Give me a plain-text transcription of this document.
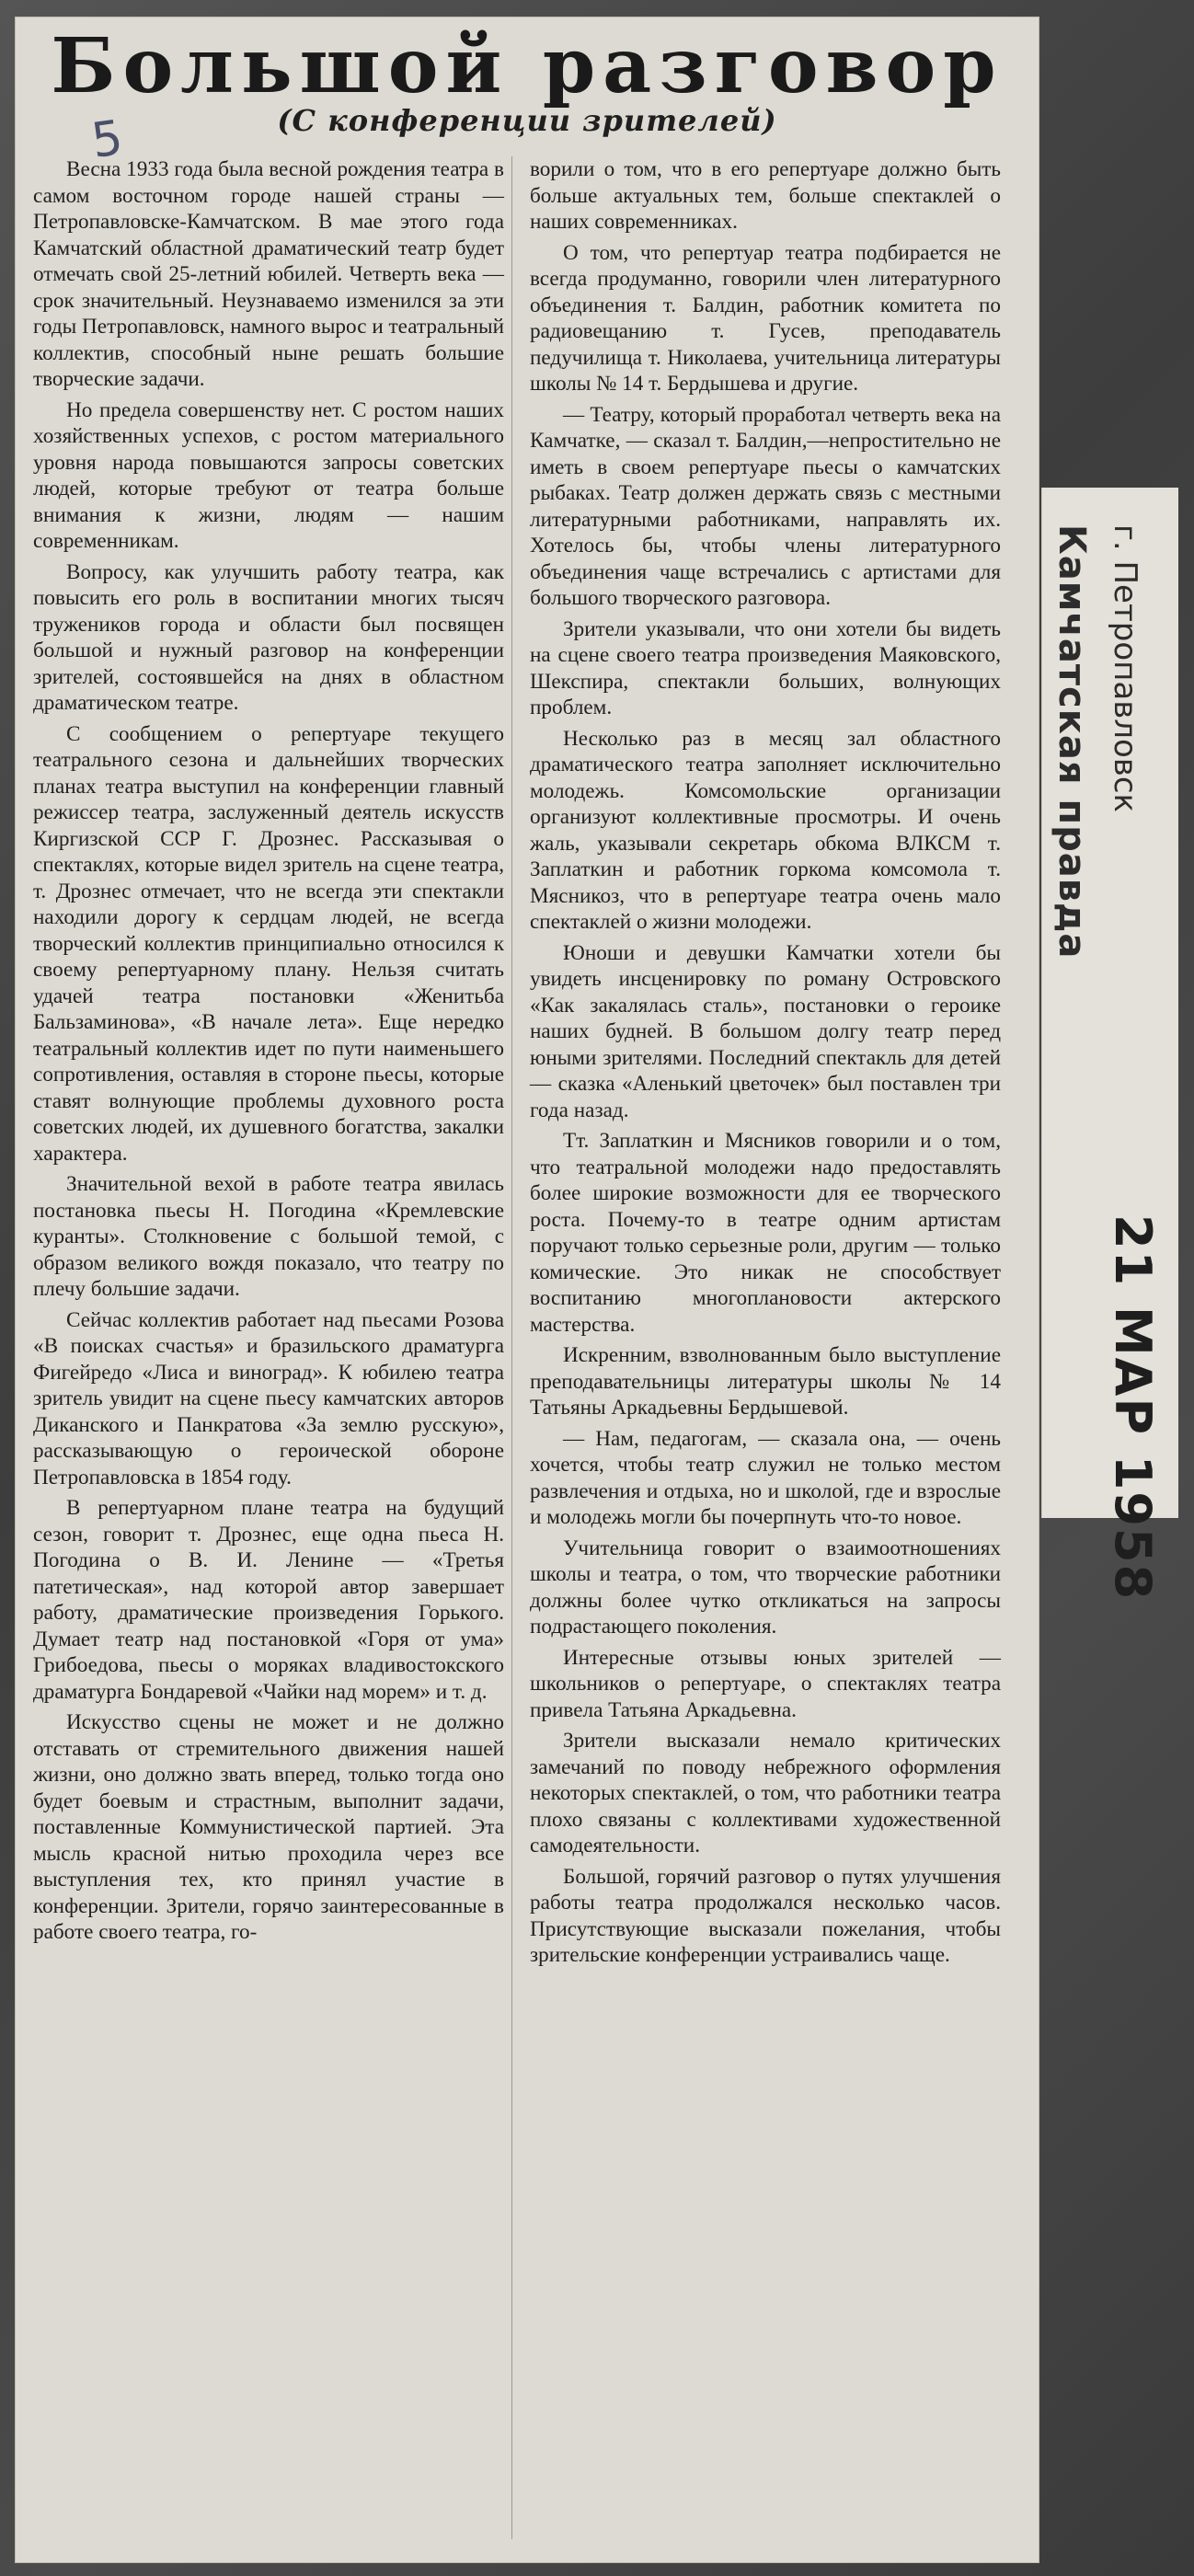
Большой разговор
(С конференции зрителей)
5

Весна 1933 года была весной рождения театра в самом восточном городе нашей страны — Петропавловске-Камчатском. В мае этого года Камчатский областной драматический театр будет отмечать свой 25-летний юбилей. Четверть века — срок значительный. Неузнаваемо изменился за эти годы Петропавловск, намного вырос и театральный коллектив, способный ныне решать большие творческие задачи.

Но предела совершенству нет. С ростом наших хозяйственных успехов, с ростом материального уровня народа повышаются запросы советских людей, которые требуют от театра больше внимания к жизни, людям — нашим современникам.

Вопросу, как улучшить работу театра, как повысить его роль в воспитании многих тысяч тружеников города и области был посвящен большой и нужный разговор на конференции зрителей, состоявшейся на днях в областном драматическом театре.

С сообщением о репертуаре текущего театрального сезона и дальнейших творческих планах театра выступил на конференции главный режиссер театра, заслуженный деятель искусств Киргизской ССР Г. Дрознес. Рассказывая о спектаклях, которые видел зритель на сцене театра, т. Дрознес отмечает, что не всегда эти спектакли находили дорогу к сердцам людей, не всегда творческий коллектив принципиально относился к своему репертуарному плану. Нельзя считать удачей театра постановки «Женитьба Бальзаминова», «В начале лета». Еще нередко театральный коллектив идет по пути наименьшего сопротивления, оставляя в стороне пьесы, которые ставят волнующие проблемы духовного роста советских людей, их душевного богатства, закалки характера.

Значительной вехой в работе театра явилась постановка пьесы Н. Погодина «Кремлевские куранты». Столкновение с большой темой, с образом великого вождя показало, что театру по плечу большие задачи.

Сейчас коллектив работает над пьесами Розова «В поисках счастья» и бразильского драматурга Фигейредо «Лиса и виноград». К юбилею театра зритель увидит на сцене пьесу камчатских авторов Диканского и Панкратова «За землю русскую», рассказывающую о героической обороне Петропавловска в 1854 году.

В репертуарном плане театра на будущий сезон, говорит т. Дрознес, еще одна пьеса Н. Погодина о В. И. Ленине — «Третья патетическая», над которой автор завершает работу, драматические произведения Горького. Думает театр над постановкой «Горя от ума» Грибоедова, пьесы о моряках владивостокского драматурга Бондаревой «Чайки над морем» и т. д.

Искусство сцены не может и не должно отставать от стремительного движения нашей жизни, оно должно звать вперед, только тогда оно будет боевым и страстным, выполнит задачи, поставленные Коммунистической партией. Эта мысль красной нитью проходила через все выступления тех, кто принял участие в конференции. Зрители, горячо заинтересованные в работе своего театра, го-

ворили о том, что в его репертуаре должно быть больше актуальных тем, больше спектаклей о наших современниках.

О том, что репертуар театра подбирается не всегда продуманно, говорили член литературного объединения т. Балдин, работник комитета по радиовещанию т. Гусев, преподаватель педучилища т. Николаева, учительница литературы школы № 14 т. Бердышева и другие.

— Театру, который проработал четверть века на Камчатке, — сказал т. Балдин,—непростительно не иметь в своем репертуаре пьесы о камчатских рыбаках. Театр должен держать связь с местными литературными работниками, направлять их. Хотелось бы, чтобы члены литературного объединения чаще встречались с артистами для большого творческого разговора.

Зрители указывали, что они хотели бы видеть на сцене своего театра произведения Маяковского, Шекспира, спектакли больших, волнующих проблем.

Несколько раз в месяц зал областного драматического театра заполняет исключительно молодежь. Комсомольские организации организуют коллективные просмотры. И очень жаль, указывали секретарь обкома ВЛКСМ т. Заплаткин и работник горкома комсомола т. Мясникоз, что в репертуаре театра очень мало спектаклей о жизни молодежи.

Юноши и девушки Камчатки хотели бы увидеть инсценировку по роману Островского «Как закалялась сталь», постановки о героике наших будней. В большом долгу театр перед юными зрителями. Последний спектакль для детей — сказка «Аленький цветочек» был поставлен три года назад.

Тт. Заплаткин и Мясников говорили и о том, что театральной молодежи надо предоставлять более широкие возможности для ее творческого роста. Почему-то в театре одним артистам поручают только серьезные роли, другим — только комические. Это никак не способствует воспитанию многоплановости актерского мастерства.

Искренним, взволнованным было выступление преподавательницы литературы школы № 14 Татьяны Аркадьевны Бердышевой.

— Нам, педагогам, — сказала она, — очень хочется, чтобы театр служил не только местом развлечения и отдыха, но и школой, где и взрослые и молодежь могли бы почерпнуть что-то новое.

Учительница говорит о взаимоотношениях школы и театра, о том, что творческие работники должны более чутко откликаться на запросы подрастающего поколения.

Интересные отзывы юных зрителей — школьников о репертуаре, о спектаклях театра привела Татьяна Аркадьевна.

Зрители высказали немало критических замечаний по поводу небрежного оформления некоторых спектаклей, о том, что работники театра плохо связаны с коллективами художественной самодеятельности.

Большой, горячий разговор о путях улучшения работы театра продолжался несколько часов. Присутствующие высказали пожелания, чтобы зрительские конференции устраивались чаще.

Камчатская правда г. Петропавловск
21 МАР 1958
